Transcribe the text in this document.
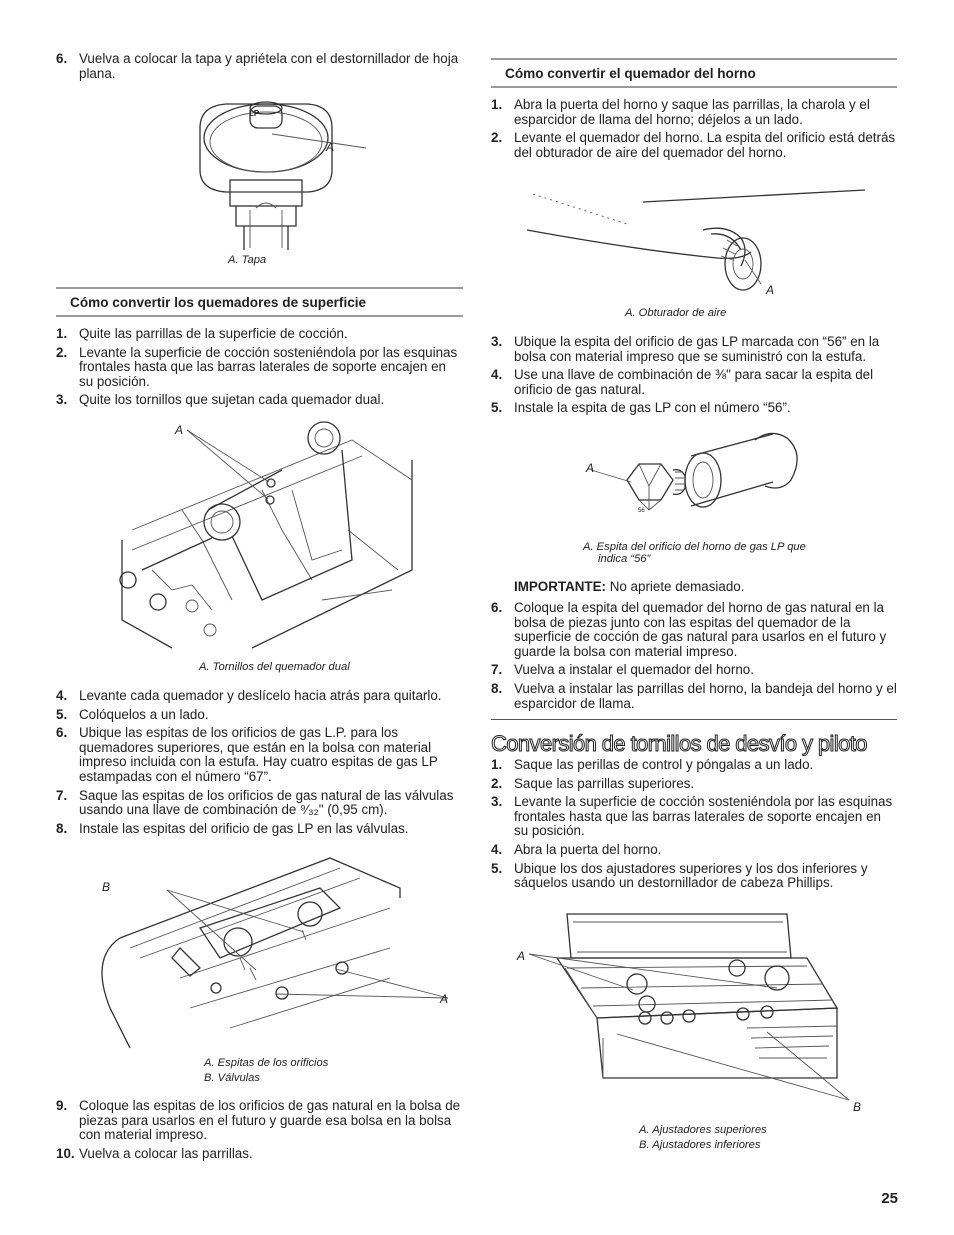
6. Vuelva a colocar la tapa y apriétela con el destornillador de hoja plana.
LP
A
A. Tapa
Cómo convertir los quemadores de superficie
1. Quite las parrillas de la superficie de cocción.
2. Levante la superficie de cocción sosteniéndola por las esquinas frontales hasta que las barras laterales de soporte encajen en su posición.
3. Quite los tornillos que sujetan cada quemador dual.
A
A. Tornillos del quemador dual
4. Levante cada quemador y deslícelo hacia atrás para quitarlo.
5. Colóquelos a un lado.
6. Ubique las espitas de los orificios de gas L.P. para los quemadores superiores, que están en la bolsa con material impreso incluida con la estufa. Hay cuatro espitas de gas LP estampadas con el número “67”.
7. Saque las espitas de los orificios de gas natural de las válvulas usando una llave de combinación de ⁹⁄₃₂" (0,95 cm).
8. Instale las espitas del orificio de gas LP en las válvulas.
B
A
A. Espitas de los orificios
B. Válvulas
9. Coloque las espitas de los orificios de gas natural en la bolsa de piezas para usarlos en el futuro y guarde esa bolsa en la bolsa con material impreso.
10. Vuelva a colocar las parrillas.
Cómo convertir el quemador del horno
1. Abra la puerta del horno y saque las parrillas, la charola y el esparcidor de llama del horno; déjelos a un lado.
2. Levante el quemador del horno. La espita del orificio está detrás del obturador de aire del quemador del horno.
A
A. Obturador de aire
3. Ubique la espita del orificio de gas LP marcada con “56” en la bolsa con material impreso que se suministró con la estufa.
4. Use una llave de combinación de ⅜" para sacar la espita del orificio de gas natural.
5. Instale la espita de gas LP con el número “56”.
56
A
A. Espita del orificio del horno de gas LP que
indica “56”
IMPORTANTE: No apriete demasiado.
6. Coloque la espita del quemador del horno de gas natural en la bolsa de piezas junto con las espitas del quemador de la superficie de cocción de gas natural para usarlos en el futuro y guarde la bolsa con material impreso.
7. Vuelva a instalar el quemador del horno.
8. Vuelva a instalar las parrillas del horno, la bandeja del horno y el esparcidor de llama.
Conversión de tornillos de desvío y piloto
1. Saque las perillas de control y póngalas a un lado.
2. Saque las parrillas superiores.
3. Levante la superficie de cocción sosteniéndola por las esquinas frontales hasta que las barras laterales de soporte encajen en su posición.
4. Abra la puerta del horno.
5. Ubique los dos ajustadores superiores y los dos inferiores y sáquelos usando un destornillador de cabeza Phillips.
A
B
A. Ajustadores superiores
B. Ajustadores inferiores
25
